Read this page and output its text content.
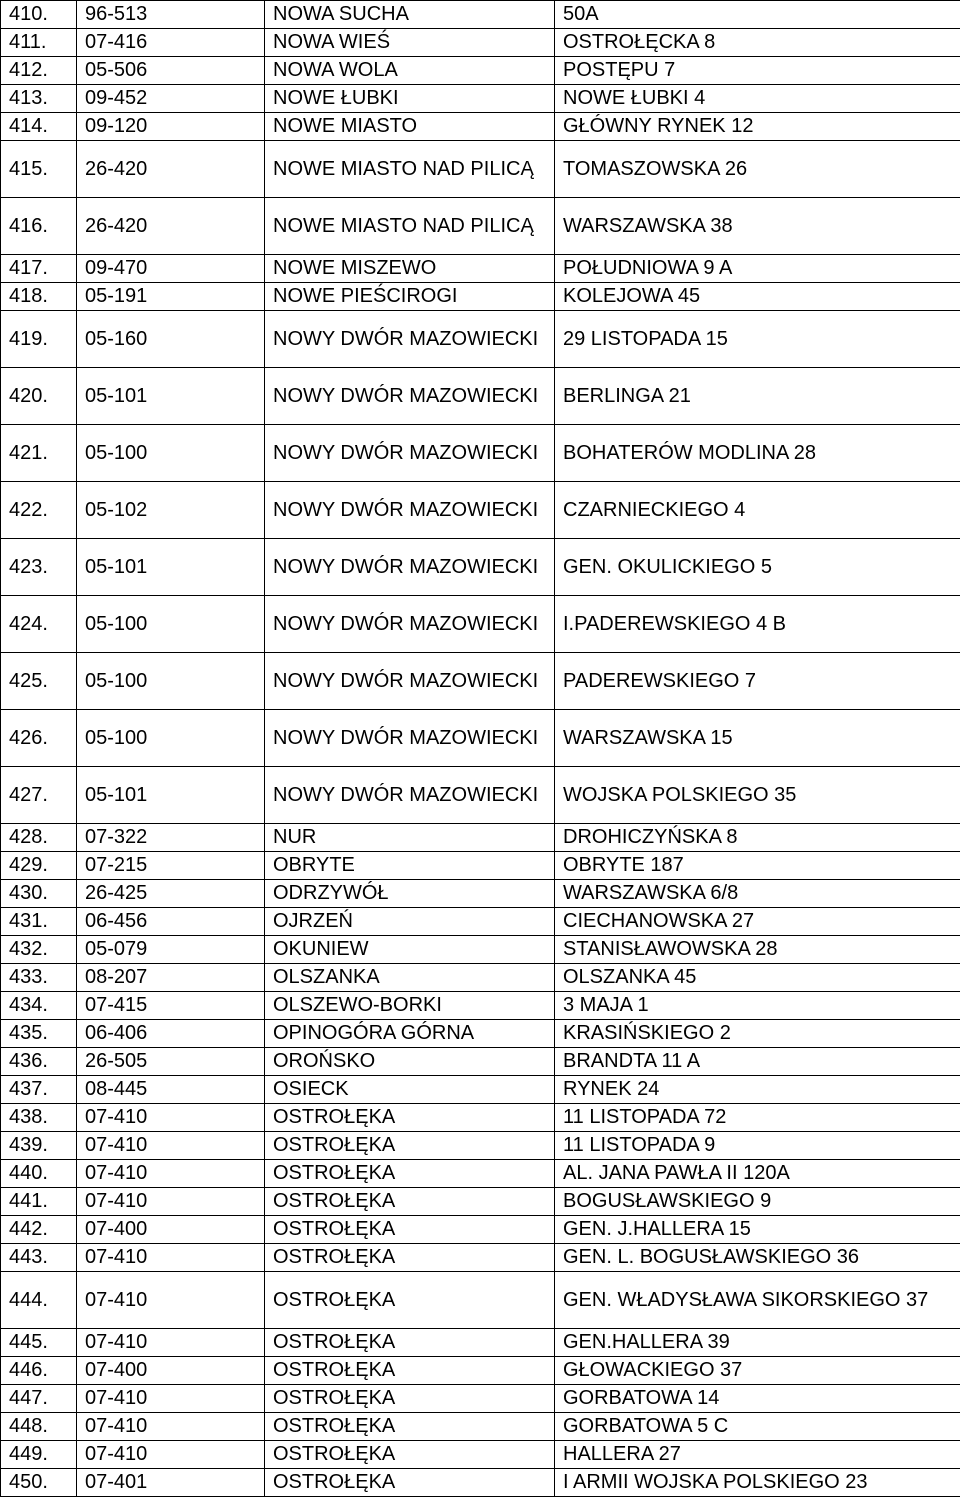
410.	96-513	NOWA SUCHA	50A
411.	07-416	NOWA WIEŚ	OSTROŁĘCKA 8
412.	05-506	NOWA WOLA	POSTĘPU 7
413.	09-452	NOWE ŁUBKI	NOWE ŁUBKI 4
414.	09-120	NOWE MIASTO	GŁÓWNY RYNEK 12
415.	26-420	NOWE MIASTO NAD PILICĄ	TOMASZOWSKA 26
416.	26-420	NOWE MIASTO NAD PILICĄ	WARSZAWSKA 38
417.	09-470	NOWE MISZEWO	POŁUDNIOWA 9 A
418.	05-191	NOWE PIEŚCIROGI	KOLEJOWA 45
419.	05-160	NOWY DWÓR MAZOWIECKI	29 LISTOPADA 15
420.	05-101	NOWY DWÓR MAZOWIECKI	BERLINGA 21
421.	05-100	NOWY DWÓR MAZOWIECKI	BOHATERÓW MODLINA 28
422.	05-102	NOWY DWÓR MAZOWIECKI	CZARNIECKIEGO 4
423.	05-101	NOWY DWÓR MAZOWIECKI	GEN. OKULICKIEGO 5
424.	05-100	NOWY DWÓR MAZOWIECKI	I.PADEREWSKIEGO 4 B
425.	05-100	NOWY DWÓR MAZOWIECKI	PADEREWSKIEGO 7
426.	05-100	NOWY DWÓR MAZOWIECKI	WARSZAWSKA 15
427.	05-101	NOWY DWÓR MAZOWIECKI	WOJSKA POLSKIEGO 35
428.	07-322	NUR	DROHICZYŃSKA 8
429.	07-215	OBRYTE	OBRYTE 187
430.	26-425	ODRZYWÓŁ	WARSZAWSKA 6/8
431.	06-456	OJRZEŃ	CIECHANOWSKA 27
432.	05-079	OKUNIEW	STANISŁAWOWSKA 28
433.	08-207	OLSZANKA	OLSZANKA 45
434.	07-415	OLSZEWO-BORKI	3 MAJA 1
435.	06-406	OPINOGÓRA GÓRNA	KRASIŃSKIEGO 2
436.	26-505	OROŃSKO	BRANDTA 11 A
437.	08-445	OSIECK	RYNEK 24
438.	07-410	OSTROŁĘKA	11 LISTOPADA 72
439.	07-410	OSTROŁĘKA	11 LISTOPADA 9
440.	07-410	OSTROŁĘKA	AL. JANA PAWŁA II 120A
441.	07-410	OSTROŁĘKA	BOGUSŁAWSKIEGO 9
442.	07-400	OSTROŁĘKA	GEN. J.HALLERA 15
443.	07-410	OSTROŁĘKA	GEN. L. BOGUSŁAWSKIEGO 36
444.	07-410	OSTROŁĘKA	GEN. WŁADYSŁAWA SIKORSKIEGO 37
445.	07-410	OSTROŁĘKA	GEN.HALLERA 39
446.	07-400	OSTROŁĘKA	GŁOWACKIEGO 37
447.	07-410	OSTROŁĘKA	GORBATOWA 14
448.	07-410	OSTROŁĘKA	GORBATOWA 5 C
449.	07-410	OSTROŁĘKA	HALLERA 27
450.	07-401	OSTROŁĘKA	I ARMII WOJSKA POLSKIEGO 23
